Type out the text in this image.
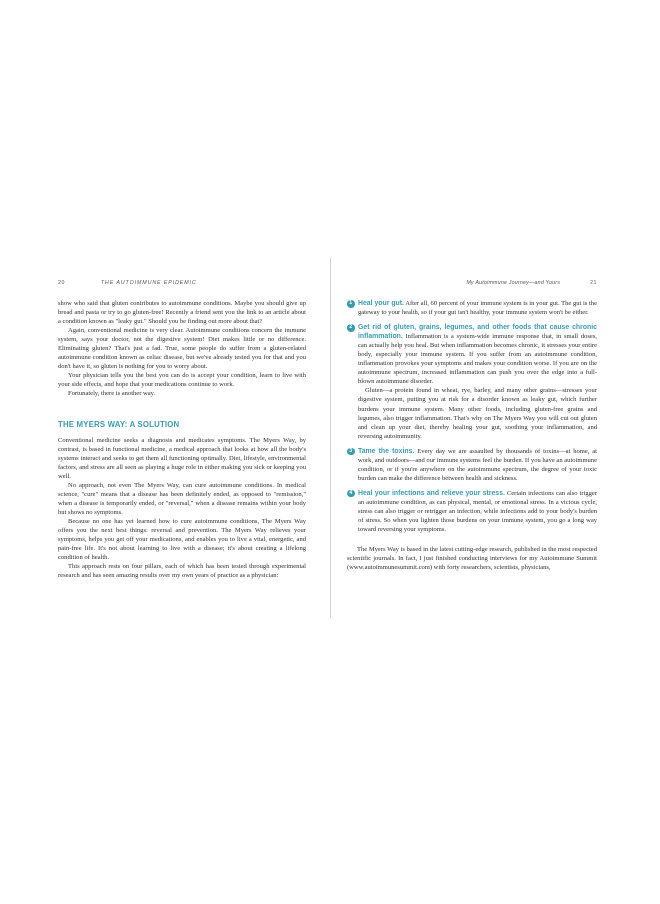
20	THE AUTOIMMUNE EPIDEMIC

show who said that gluten contributes to autoimmune conditions. Maybe you should give up bread and pasta or try to go gluten-free! Recently a friend sent you the link to an article about a condition known as "leaky gut." Should you be finding out more about that?

Again, conventional medicine is very clear. Autoimmune conditions concern the immune system, says your doctor, not the digestive system! Diet makes little or no difference. Eliminating gluten? That's just a fad. True, some people do suffer from a gluten-related autoimmune condition known as celiac disease, but we've already tested you for that and you don't have it, so gluten is nothing for you to worry about.

Your physician tells you the best you can do is accept your condition, learn to live with your side effects, and hope that your medications continue to work.

Fortunately, there is another way.

THE MYERS WAY: A SOLUTION

Conventional medicine seeks a diagnosis and medicates symptoms. The Myers Way, by contrast, is based in functional medicine, a medical approach that looks at how all the body's systems interact and seeks to get them all functioning optimally. Diet, lifestyle, environmental factors, and stress are all seen as playing a huge role in either making you sick or keeping you well.

No approach, not even The Myers Way, can cure autoimmune conditions. In medical science, "cure" means that a disease has been definitely ended, as opposed to "remission," when a disease is temporarily ended, or "reversal," when a disease remains within your body but shows no symptoms.

Because no one has yet learned how to cure autoimmune conditions, The Myers Way offers you the next best things: reversal and prevention. The Myers Way relieves your symptoms, helps you get off your medications, and enables you to live a vital, energetic, and pain-free life. It's not about learning to live with a disease; it's about creating a lifelong condition of health.

This approach rests on four pillars, each of which has been tested through experimental research and has seen amazing results over my own years of practice as a physician:

My Autoimmune Journey—and Yours	21
1 Heal your gut. After all, 60 percent of your immune system is in your gut. The gut is the gateway to your health, so if your gut isn't healthy, your immune system won't be either.

2 Get rid of gluten, grains, legumes, and other foods that cause chronic inflammation. Inflammation is a system-wide immune response that, in small doses, can actually help you heal. But when inflammation becomes chronic, it stresses your entire body, especially your immune system. If you suffer from an autoimmune condition, inflammation provokes your symptoms and makes your condition worse. If you are on the autoimmune spectrum, increased inflammation can push you over the edge into a full-blown autoimmune disorder.

Gluten—a protein found in wheat, rye, barley, and many other grains—stresses your digestive system, putting you at risk for a disorder known as leaky gut, which further burdens your immune system. Many other foods, including gluten-free grains and legumes, also trigger inflammation. That's why on The Myers Way you will cut out gluten and clean up your diet, thereby healing your gut, soothing your inflammation, and reversing autoimmunity.

3 Tame the toxins. Every day we are assaulted by thousands of toxins—at home, at work, and outdoors—and our immune systems feel the burden. If you have an autoimmune condition, or if you're anywhere on the autoimmune spectrum, the degree of your toxic burden can make the difference between health and sickness.

4 Heal your infections and relieve your stress. Certain infections can also trigger an autoimmune condition, as can physical, mental, or emotional stress. In a vicious cycle, stress can also trigger or retrigger an infection, while infections add to your body's burden of stress. So when you lighten those burdens on your immune system, you go a long way toward reversing your symptoms.

The Myers Way is based in the latest cutting-edge research, published in the most respected scientific journals. In fact, I just finished conducting interviews for my Autoimmune Summit (www.autoimmunesummit.com) with forty researchers, scientists, physicians,
